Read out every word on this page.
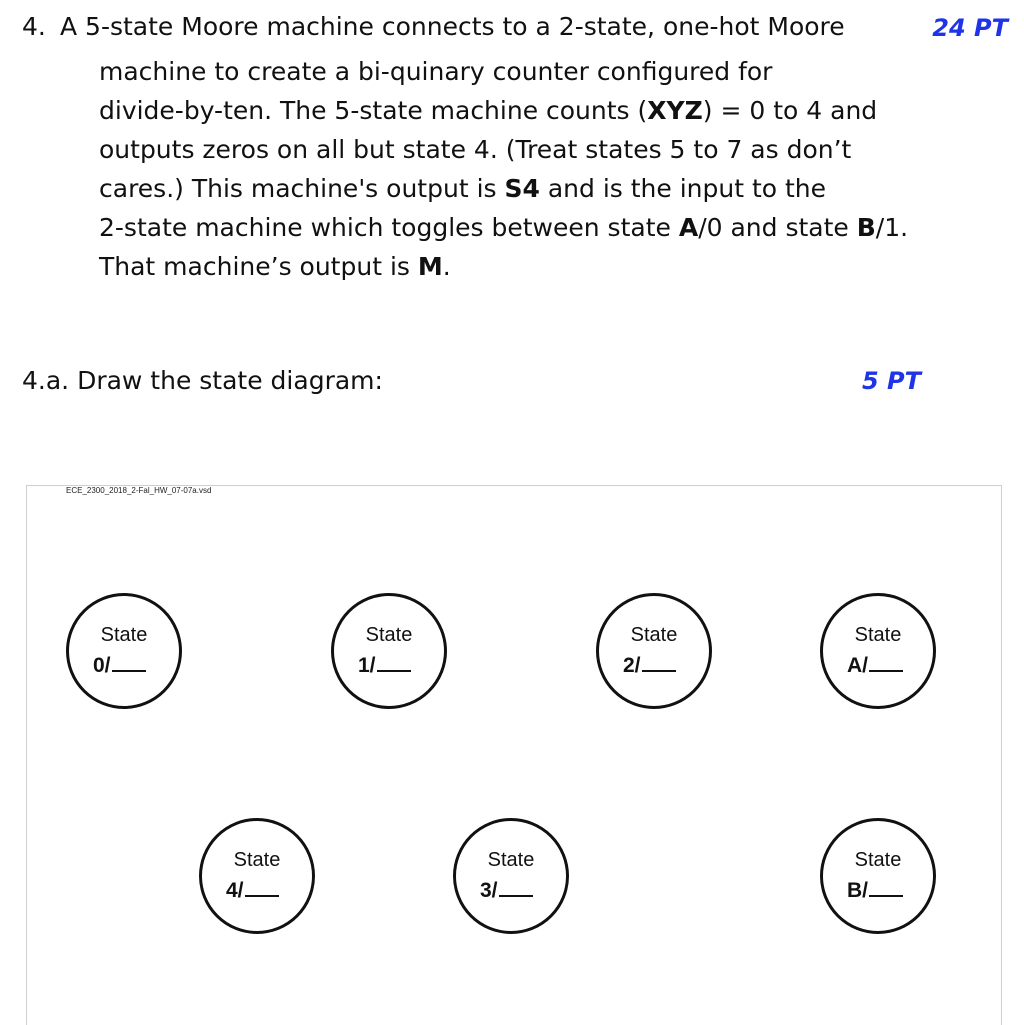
4. A 5-state Moore machine connects to a 2-state, one-hot Moore	24 PT
machine to create a bi-quinary counter configured for
divide-by-ten. The 5-state machine counts (XYZ) = 0 to 4 and
outputs zeros on all but state 4. (Treat states 5 to 7 as don’t
cares.) This machine's output is S4 and is the input to the
2-state machine which toggles between state A/0 and state B/1.
That machine’s output is M.
4.a. Draw the state diagram:	5 PT
ECE_2300_2018_2-Fal_HW_07-07a.vsd
State
0/
State
1/
State
2/
State
A/
State
4/
State
3/
State
B/
